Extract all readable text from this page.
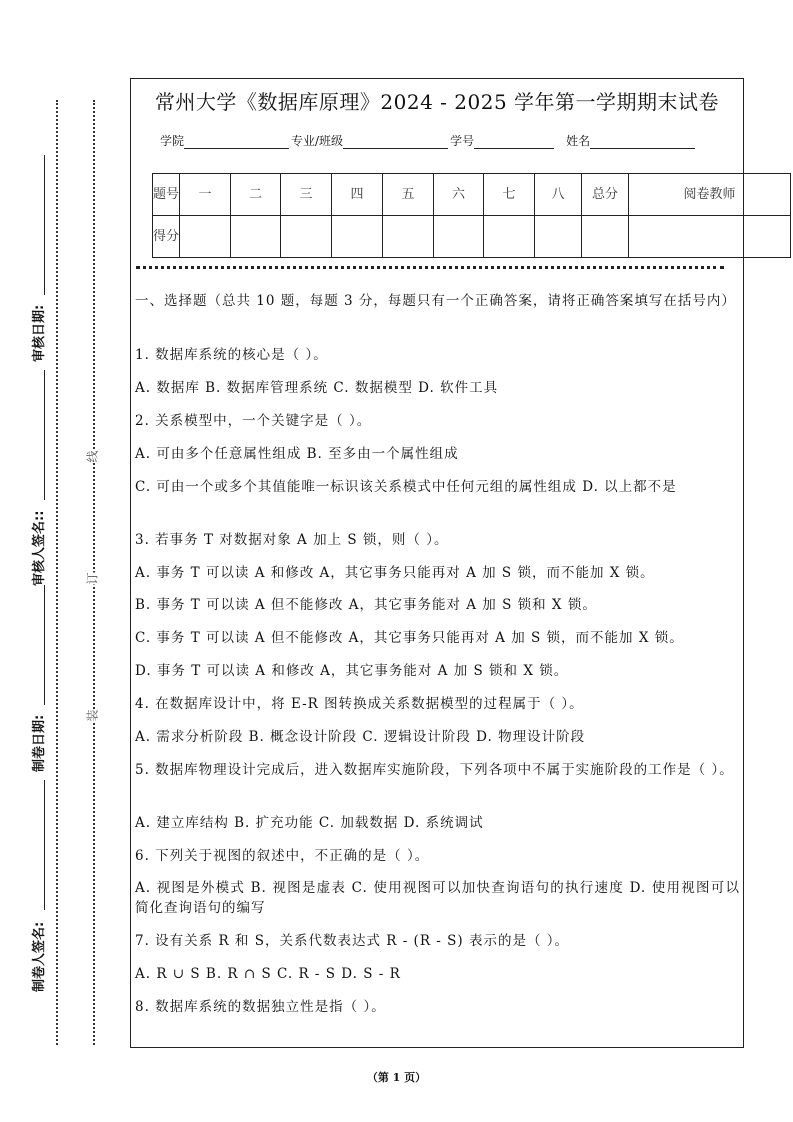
审核日期:
审核人签名::
制卷日期:
制卷人签名:
线
订
装
常州大学《数据库原理》2024 - 2025 学年第一学期期末试卷
学院	专业/班级	学号	姓名
题号	一	二	三	四	五	六	七	八	总分	阅卷教师
得分										
一、选择题（总共 10 题，每题 3 分，每题只有一个正确答案，请将正确答案填写在括号内）
1. 数据库系统的核心是（ ）。
A. 数据库 B. 数据库管理系统 C. 数据模型 D. 软件工具
2. 关系模型中，一个关键字是（ ）。
A. 可由多个任意属性组成 B. 至多由一个属性组成
C. 可由一个或多个其值能唯一标识该关系模式中任何元组的属性组成 D. 以上都不是
3. 若事务 T 对数据对象 A 加上 S 锁，则（ ）。
A. 事务 T 可以读 A 和修改 A，其它事务只能再对 A 加 S 锁，而不能加 X 锁。
B. 事务 T 可以读 A 但不能修改 A，其它事务能对 A 加 S 锁和 X 锁。
C. 事务 T 可以读 A 但不能修改 A，其它事务只能再对 A 加 S 锁，而不能加 X 锁。
D. 事务 T 可以读 A 和修改 A，其它事务能对 A 加 S 锁和 X 锁。
4. 在数据库设计中，将 E-R 图转换成关系数据模型的过程属于（ ）。
A. 需求分析阶段 B. 概念设计阶段 C. 逻辑设计阶段 D. 物理设计阶段
5. 数据库物理设计完成后，进入数据库实施阶段，下列各项中不属于实施阶段的工作是（ ）。
A. 建立库结构 B. 扩充功能 C. 加载数据 D. 系统调试
6. 下列关于视图的叙述中，不正确的是（ ）。
A. 视图是外模式 B. 视图是虚表 C. 使用视图可以加快查询语句的执行速度 D. 使用视图可以简化查询语句的编写
7. 设有关系 R 和 S，关系代数表达式 R - (R - S) 表示的是（ ）。
A. R ∪ S B. R ∩ S C. R - S D. S - R
8. 数据库系统的数据独立性是指（ ）。
（第 1 页）
